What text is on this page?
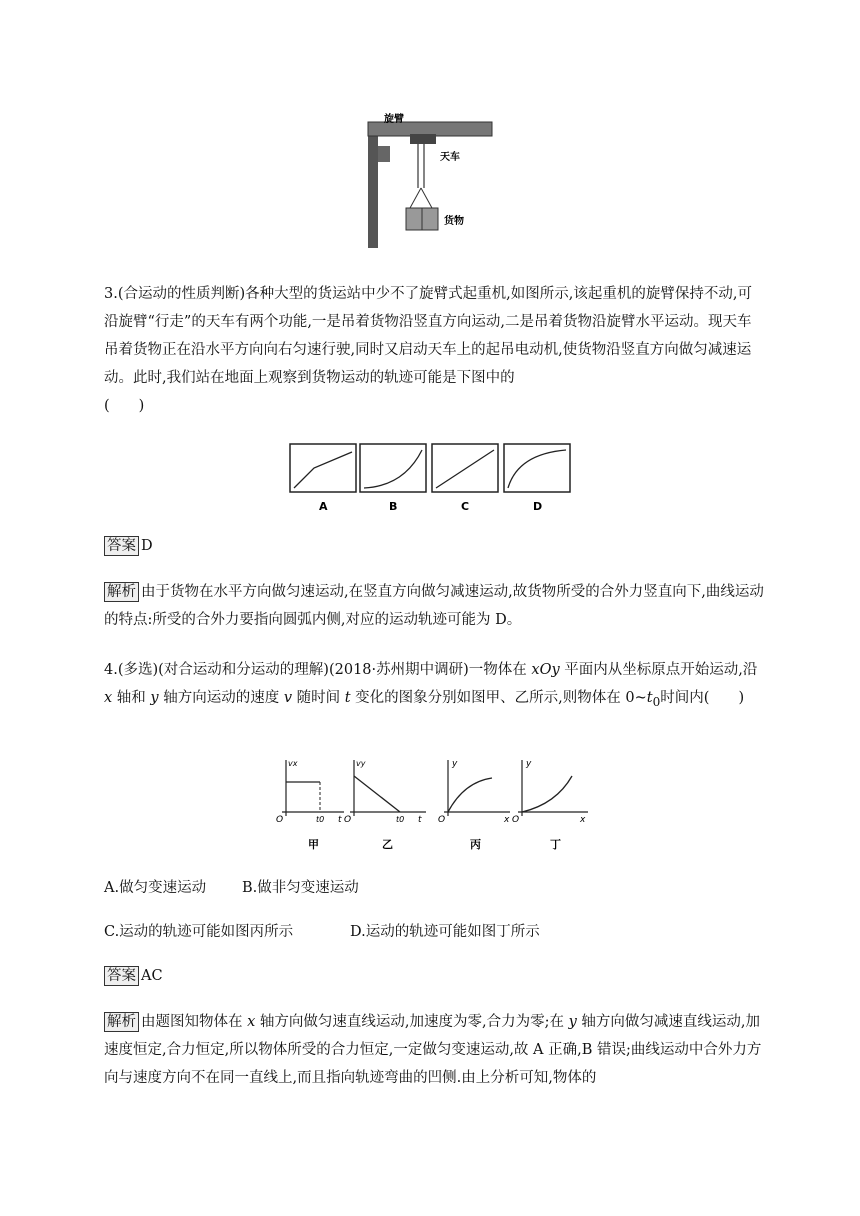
旋臂
天车
货物
3.(合运动的性质判断)各种大型的货运站中少不了旋臂式起重机,如图所示,该起重机的旋臂保持不动,可沿旋臂“行走”的天车有两个功能,一是吊着货物沿竖直方向运动,二是吊着货物沿旋臂水平运动。现天车吊着货物正在沿水平方向向右匀速行驶,同时又启动天车上的起吊电动机,使货物沿竖直方向做匀减速运动。此时,我们站在地面上观察到货物运动的轨迹可能是下图中的
(　　)
A	B	C	D
答案 D
解析 由于货物在水平方向做匀速运动,在竖直方向做匀减速运动,故货物所受的合外力竖直向下,曲线运动的特点:所受的合外力要指向圆弧内侧,对应的运动轨迹可能为 D。
4.(多选)(对合运动和分运动的理解)(2018·苏州期中调研)一物体在 xOy 平面内从坐标原点开始运动,沿 x 轴和 y 轴方向运动的速度 v 随时间 t 变化的图象分别如图甲、乙所示,则物体在 $0\sim t_0$时间内(　　)
vx
O	t0 t
甲
vy
O	t0 t
乙
y
O	x
丙
y
O	x
丁
A.做匀变速运动 B.做非匀变速运动
C.运动的轨迹可能如图丙所示	D.运动的轨迹可能如图丁所示
答案 AC
解析 由题图知物体在 x 轴方向做匀速直线运动,加速度为零,合力为零;在 y 轴方向做匀减速直线运动,加速度恒定,合力恒定,所以物体所受的合力恒定,一定做匀变速运动,故 A 正确,B 错误;曲线运动中合外力方向与速度方向不在同一直线上,而且指向轨迹弯曲的凹侧.由上分析可知,物体的
